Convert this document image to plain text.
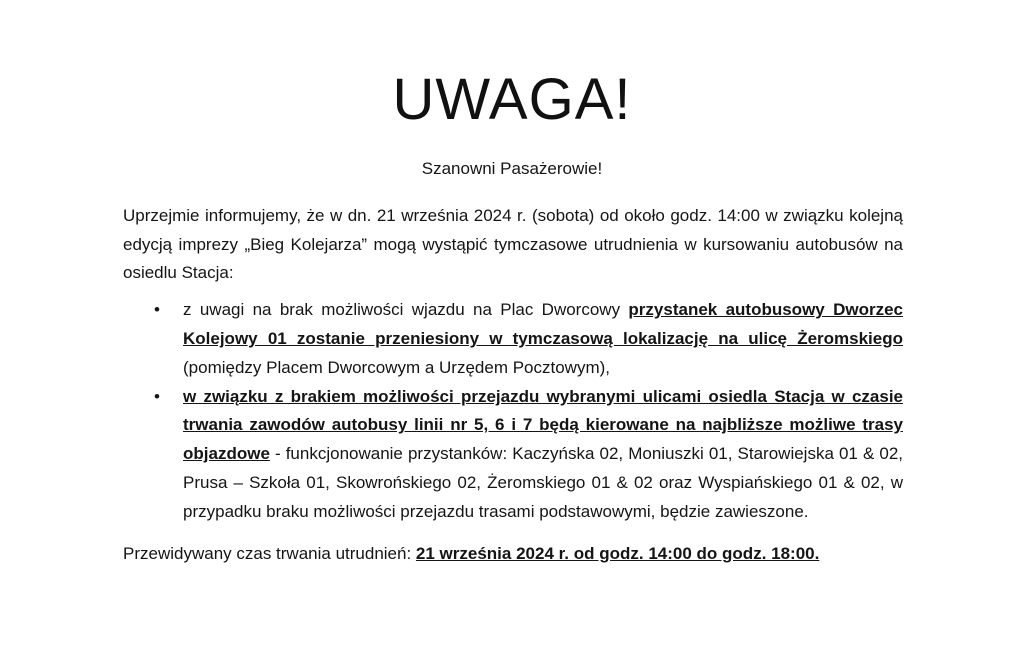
UWAGA!

Szanowni Pasażerowie!

Uprzejmie informujemy, że w dn. 21 września 2024 r. (sobota) od około godz. 14:00 w związku kolejną edycją imprezy „Bieg Kolejarza” mogą wystąpić tymczasowe utrudnienia w kursowaniu autobusów na osiedlu Stacja:

• z uwagi na brak możliwości wjazdu na Plac Dworcowy przystanek autobusowy Dworzec Kolejowy 01 zostanie przeniesiony w tymczasową lokalizację na ulicę Żeromskiego (pomiędzy Placem Dworcowym a Urzędem Pocztowym),
• w związku z brakiem możliwości przejazdu wybranymi ulicami osiedla Stacja w czasie trwania zawodów autobusy linii nr 5, 6 i 7 będą kierowane na najbliższe możliwe trasy objazdowe - funkcjonowanie przystanków: Kaczyńska 02, Moniuszki 01, Starowiejska 01 & 02, Prusa – Szkoła 01, Skowrońskiego 02, Żeromskiego 01 & 02 oraz Wyspiańskiego 01 & 02, w przypadku braku możliwości przejazdu trasami podstawowymi, będzie zawieszone.

Przewidywany czas trwania utrudnień: 21 września 2024 r. od godz. 14:00 do godz. 18:00.
